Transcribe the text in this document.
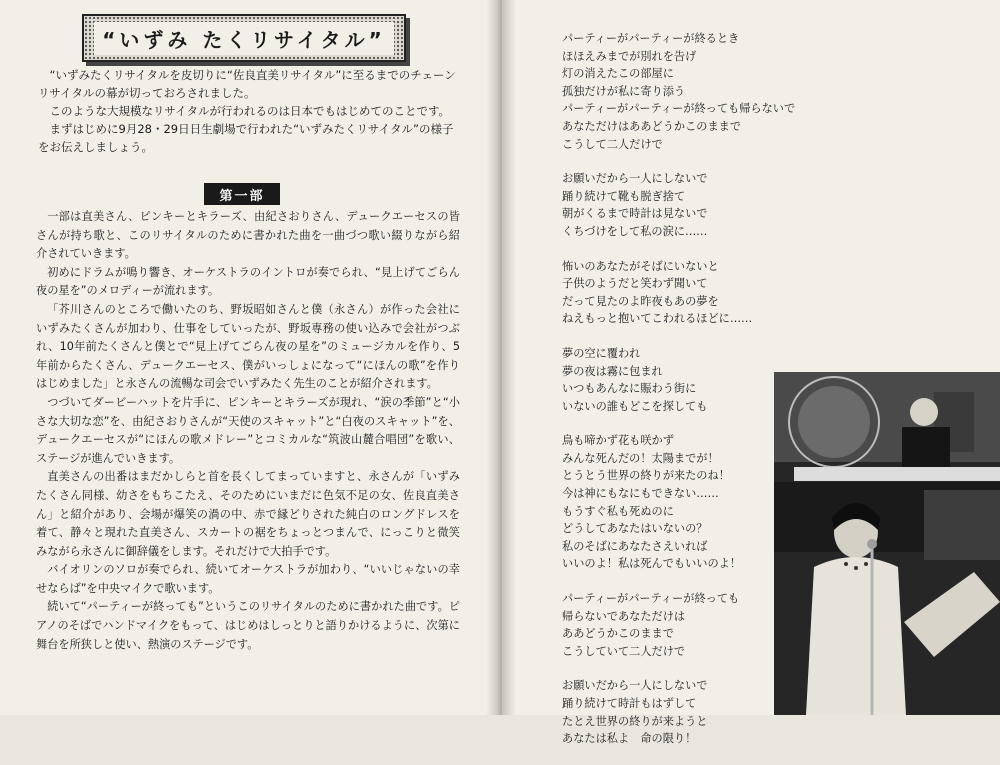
“いずみ たくリサイタル”

“いずみたくリサイタルを皮切りに“佐良直美リサイタル”に至るまでのチェーンリサイタルの幕が切っておろされました。

このような大規模なリサイタルが行われるのは日本でもはじめてのことです。

まずはじめに9月28・29日日生劇場で行われた“いずみたくリサイタル”の様子をお伝えしましょう。

第一部

一部は直美さん、ピンキーとキラーズ、由紀さおりさん、デュークエーセスの皆さんが持ち歌と、このリサイタルのために書かれた曲を一曲づつ歌い綴りながら紹介されていきます。

初めにドラムが鳴り響き、オーケストラのイントロが奏でられ、“見上げてごらん夜の星を”のメロディーが流れます。

「芥川さんのところで働いたのち、野坂昭如さんと僕（永さん）が作った会社にいずみたくさんが加わり、仕事をしていったが、野坂専務の使い込みで会社がつぶれ、10年前たくさんと僕とで“見上げてごらん夜の星を”のミュージカルを作り、5年前からたくさん、デュークエーセス、僕がいっしょになって“にほんの歌”を作りはじめました」と永さんの流暢な司会でいずみたく先生のことが紹介されます。

つづいてダービーハットを片手に、ピンキーとキラーズが現れ、“涙の季節”と“小さな大切な恋”を、由紀さおりさんが“天使のスキャット”と“白夜のスキャット”を、デュークエーセスが“にほんの歌メドレー”とコミカルな“筑波山麓合唱団”を歌い、ステージが進んでいきます。

直美さんの出番はまだかしらと首を長くしてまっていますと、永さんが「いずみたくさん同様、幼さをもちこたえ、そのためにいまだに色気不足の女、佐良直美さん」と紹介があり、会場が爆笑の渦の中、赤で縁どりされた純白のロングドレスを着て、静々と現れた直美さん、スカートの裾をちょっとつまんで、にっこりと微笑みながら永さんに御辞儀をします。それだけで大拍手です。

バイオリンのソロが奏でられ、続いてオーケストラが加わり、“いいじゃないの幸せならば”を中央マイクで歌います。

続いて“パーティーが終っても”というこのリサイタルのために書かれた曲です。ピアノのそばでハンドマイクをもって、はじめはしっとりと語りかけるように、次第に舞台を所狭しと使い、熱演のステージです。

パーティーがパーティーが終るとき
ほほえみまでが別れを告げ
灯の消えたこの部屋に
孤独だけが私に寄り添う
パーティーがパーティーが終っても帰らないで
あなただけはああどうかこのままで
こうして二人だけで
お願いだから一人にしないで
踊り続けて靴も脱ぎ捨て
朝がくるまで時計は見ないで
くちづけをして私の涙に……
怖いのあなたがそばにいないと
子供のようだと笑わず聞いて
だって見たのよ昨夜もあの夢を
ねえもっと抱いてこわれるほどに……
夢の空に覆われ
夢の夜は霧に包まれ
いつもあんなに賑わう街に
いないの誰もどこを探しても
鳥も啼かず花も咲かず
みんな死んだの！太陽までが！
とうとう世界の終りが来たのね！
今は神にもなにもできない……
もうすぐ私も死ぬのに
どうしてあなたはいないの？
私のそばにあなたさえいれば
いいのよ！私は死んでもいいのよ！
パーティーがパーティーが終っても
帰らないであなただけは
ああどうかこのままで
こうしていて二人だけで
お願いだから一人にしないで
踊り続けて時計もはずして
たとえ世界の終りが来ようと
あなたは私よ　命の限り！
